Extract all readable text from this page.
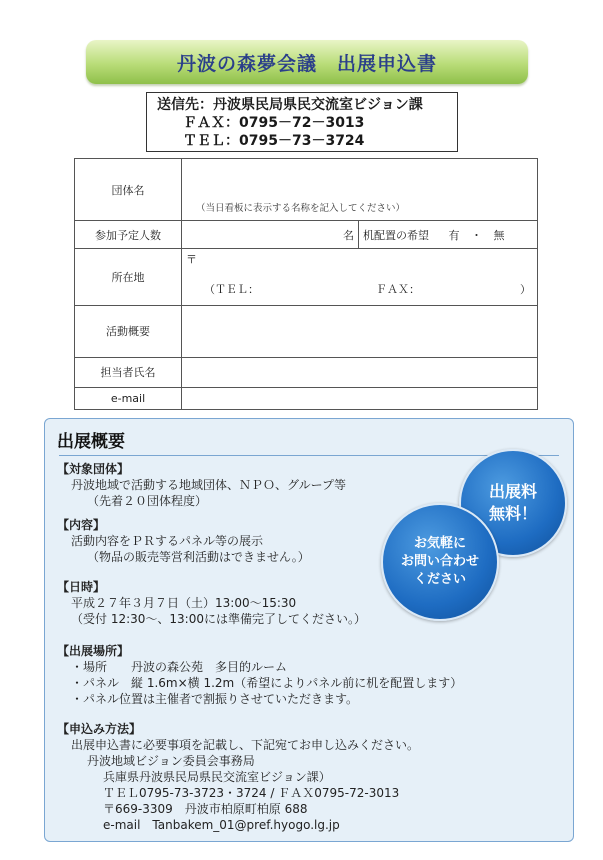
丹波の森夢会議　出展申込書
送信先：丹波県民局県民交流室ビジョン課

ＦＡＸ：0795－72－3013
ＴＥＬ：0795－73－3724
団体名	（当日看板に表示する名称を記入してください）	
参加予定人数	名	机配置の希望 有 ・ 無
所在地	〒
（ＴＥＬ： ＦＡＸ： ）	

活動概要		
担当者氏名		
e-mail		
出展概要
【対象団体】
丹波地域で活動する地域団体、ＮＰＯ、グループ等
（先着２０団体程度）
【内容】
活動内容をＰＲするパネル等の展示
（物品の販売等営利活動はできません。）
【日時】
平成２７年３月７日（土）13:00～15:30
（受付 12:30～、13:00には準備完了してください。）
【出展場所】
・場所　　丹波の森公苑　多目的ルーム
・パネル　縦 1.6m×横 1.2m（希望によりパネル前に机を配置します）
・パネル位置は主催者で割振りさせていただきます。
【申込み方法】
出展申込書に必要事項を記載し、下記宛てお申し込みください。
丹波地域ビジョン委員会事務局
兵庫県丹波県民局県民交流室ビジョン課）
ＴＥＬ0795-73-3723・3724 / ＦＡＸ0795-72-3013
〒669-3309　丹波市柏原町柏原 688
e-mail　Tanbakem_01@pref.hyogo.lg.jp
出展料
無料！
お気軽に
お問い合わせ
ください
